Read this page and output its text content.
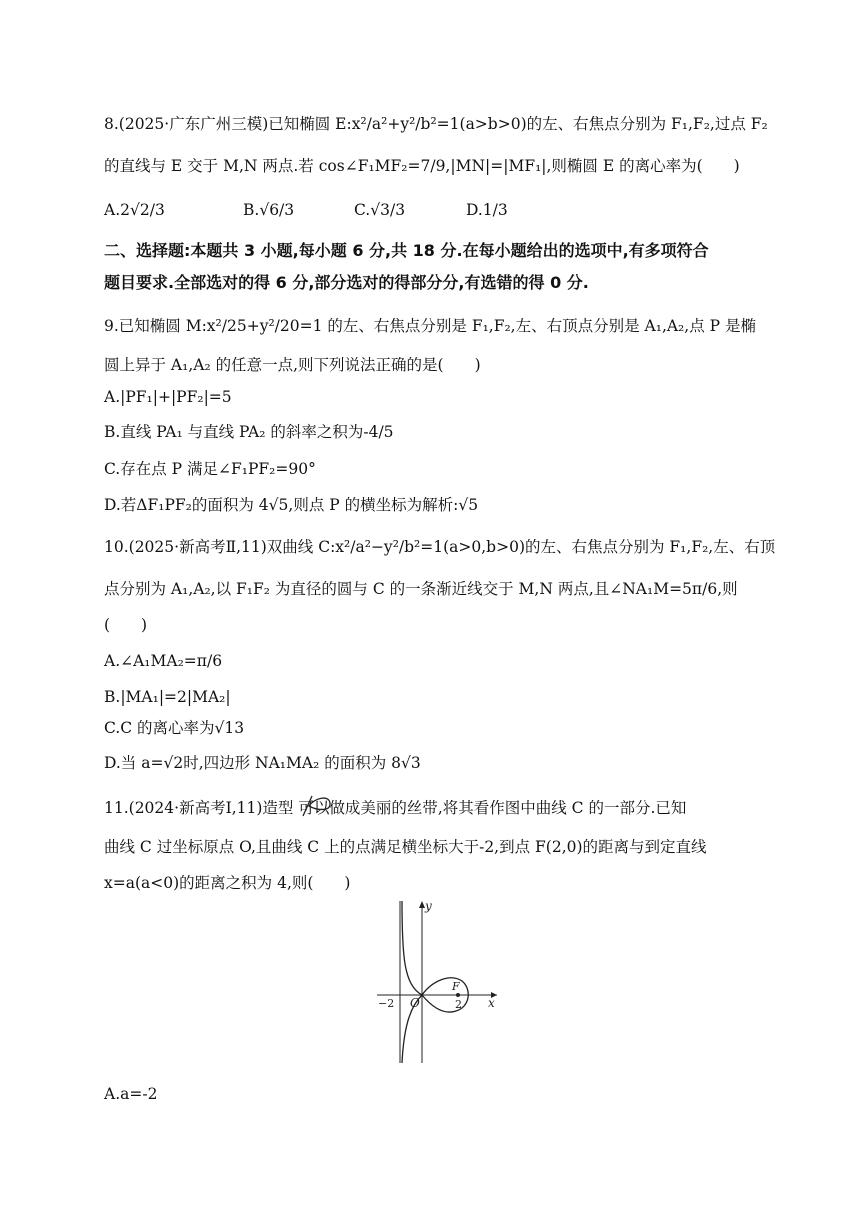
8.(2025·广东广州三模)已知椭圆 E:x²/a²+y²/b²=1(a>b>0)的左、右焦点分别为 F₁,F₂,过点 F₂
的直线与 E 交于 M,N 两点.若 cos∠F₁MF₂=7/9,|MN|=|MF₁|,则椭圆 E 的离心率为(　　)
A.2√2/3	B.√6/3	C.√3/3	D.1/3
二、选择题:本题共 3 小题,每小题 6 分,共 18 分.在每小题给出的选项中,有多项符合
题目要求.全部选对的得 6 分,部分选对的得部分分,有选错的得 0 分.
9.已知椭圆 M:x²/25+y²/20=1 的左、右焦点分别是 F₁,F₂,左、右顶点分别是 A₁,A₂,点 P 是椭
圆上异于 A₁,A₂ 的任意一点,则下列说法正确的是(　　)
A.|PF₁|+|PF₂|=5
B.直线 PA₁ 与直线 PA₂ 的斜率之积为-4/5
C.存在点 P 满足∠F₁PF₂=90°
D.若ΔF₁PF₂的面积为 4√5,则点 P 的横坐标为解析:√5
10.(2025·新高考Ⅱ,11)双曲线 C:x²/a²−y²/b²=1(a>0,b>0)的左、右焦点分别为 F₁,F₂,左、右顶
点分别为 A₁,A₂,以 F₁F₂ 为直径的圆与 C 的一条渐近线交于 M,N 两点,且∠NA₁M=5π/6,则
(　　)
A.∠A₁MA₂=π/6
B.|MA₁|=2|MA₂|
C.C 的离心率为√13
D.当 a=√2时,四边形 NA₁MA₂ 的面积为 8√3
11.(2024·新高考Ⅰ,11)造型 可以做成美丽的丝带,将其看作图中曲线 C 的一部分.已知
曲线 C 过坐标原点 O,且曲线 C 上的点满足横坐标大于-2,到点 F(2,0)的距离与到定直线
x=a(a<0)的距离之积为 4,则(　　)
y
x
O
−2	2
F
A.a=-2
